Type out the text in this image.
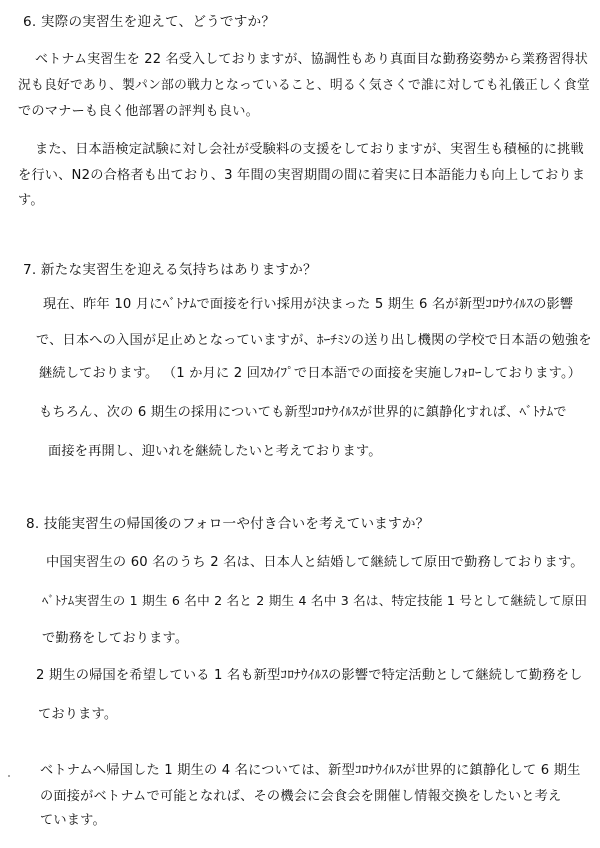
6. 実際の実習生を迎えて、どうですか？
ベトナム実習生を 22 名受入しておりますが、協調性もあり真面目な勤務姿勢から業務習得状
況も良好であり、製パン部の戦力となっていること、明るく気さくで誰に対しても礼儀正しく食堂
でのマナーも良く他部署の評判も良い。
また、日本語検定試験に対し会社が受験料の支援をしておりますが、実習生も積極的に挑戦
を行い、N2の合格者も出ており、3 年間の実習期間の間に着実に日本語能力も向上しておりま
す。
7. 新たな実習生を迎える気持ちはありますか？
現在、昨年 10 月にﾍﾞﾄﾅﾑで面接を行い採用が決まった 5 期生 6 名が新型ｺﾛﾅｳｲﾙｽの影響
で、日本への入国が足止めとなっていますが、ﾎｰﾁﾐﾝの送り出し機関の学校で日本語の勉強を
継続しております。 （1 か月に 2 回ｽｶｲﾌﾟで日本語での面接を実施しﾌｫﾛｰしております。）
もちろん、次の 6 期生の採用についても新型ｺﾛﾅｳｲﾙｽが世界的に鎮静化すれば、ﾍﾞﾄﾅﾑで
面接を再開し、迎いれを継続したいと考えております。
8. 技能実習生の帰国後のフォロ一や付き合いを考えていますか？
中国実習生の 60 名のうち 2 名は、日本人と結婚して継続して原田で勤務しております。
ﾍﾞﾄﾅﾑ実習生の 1 期生 6 名中 2 名と 2 期生 4 名中 3 名は、特定技能 1 号として継続して原田
で勤務をしております。
2 期生の帰国を希望している 1 名も新型ｺﾛﾅｳｲﾙｽの影響で特定活動として継続して勤務をし
ております。
ベトナムへ帰国した 1 期生の 4 名については、新型ｺﾛﾅｳｲﾙｽが世界的に鎮静化して 6 期生
の面接がベトナムで可能となれば、その機会に会食会を開催し情報交換をしたいと考え
ています。
